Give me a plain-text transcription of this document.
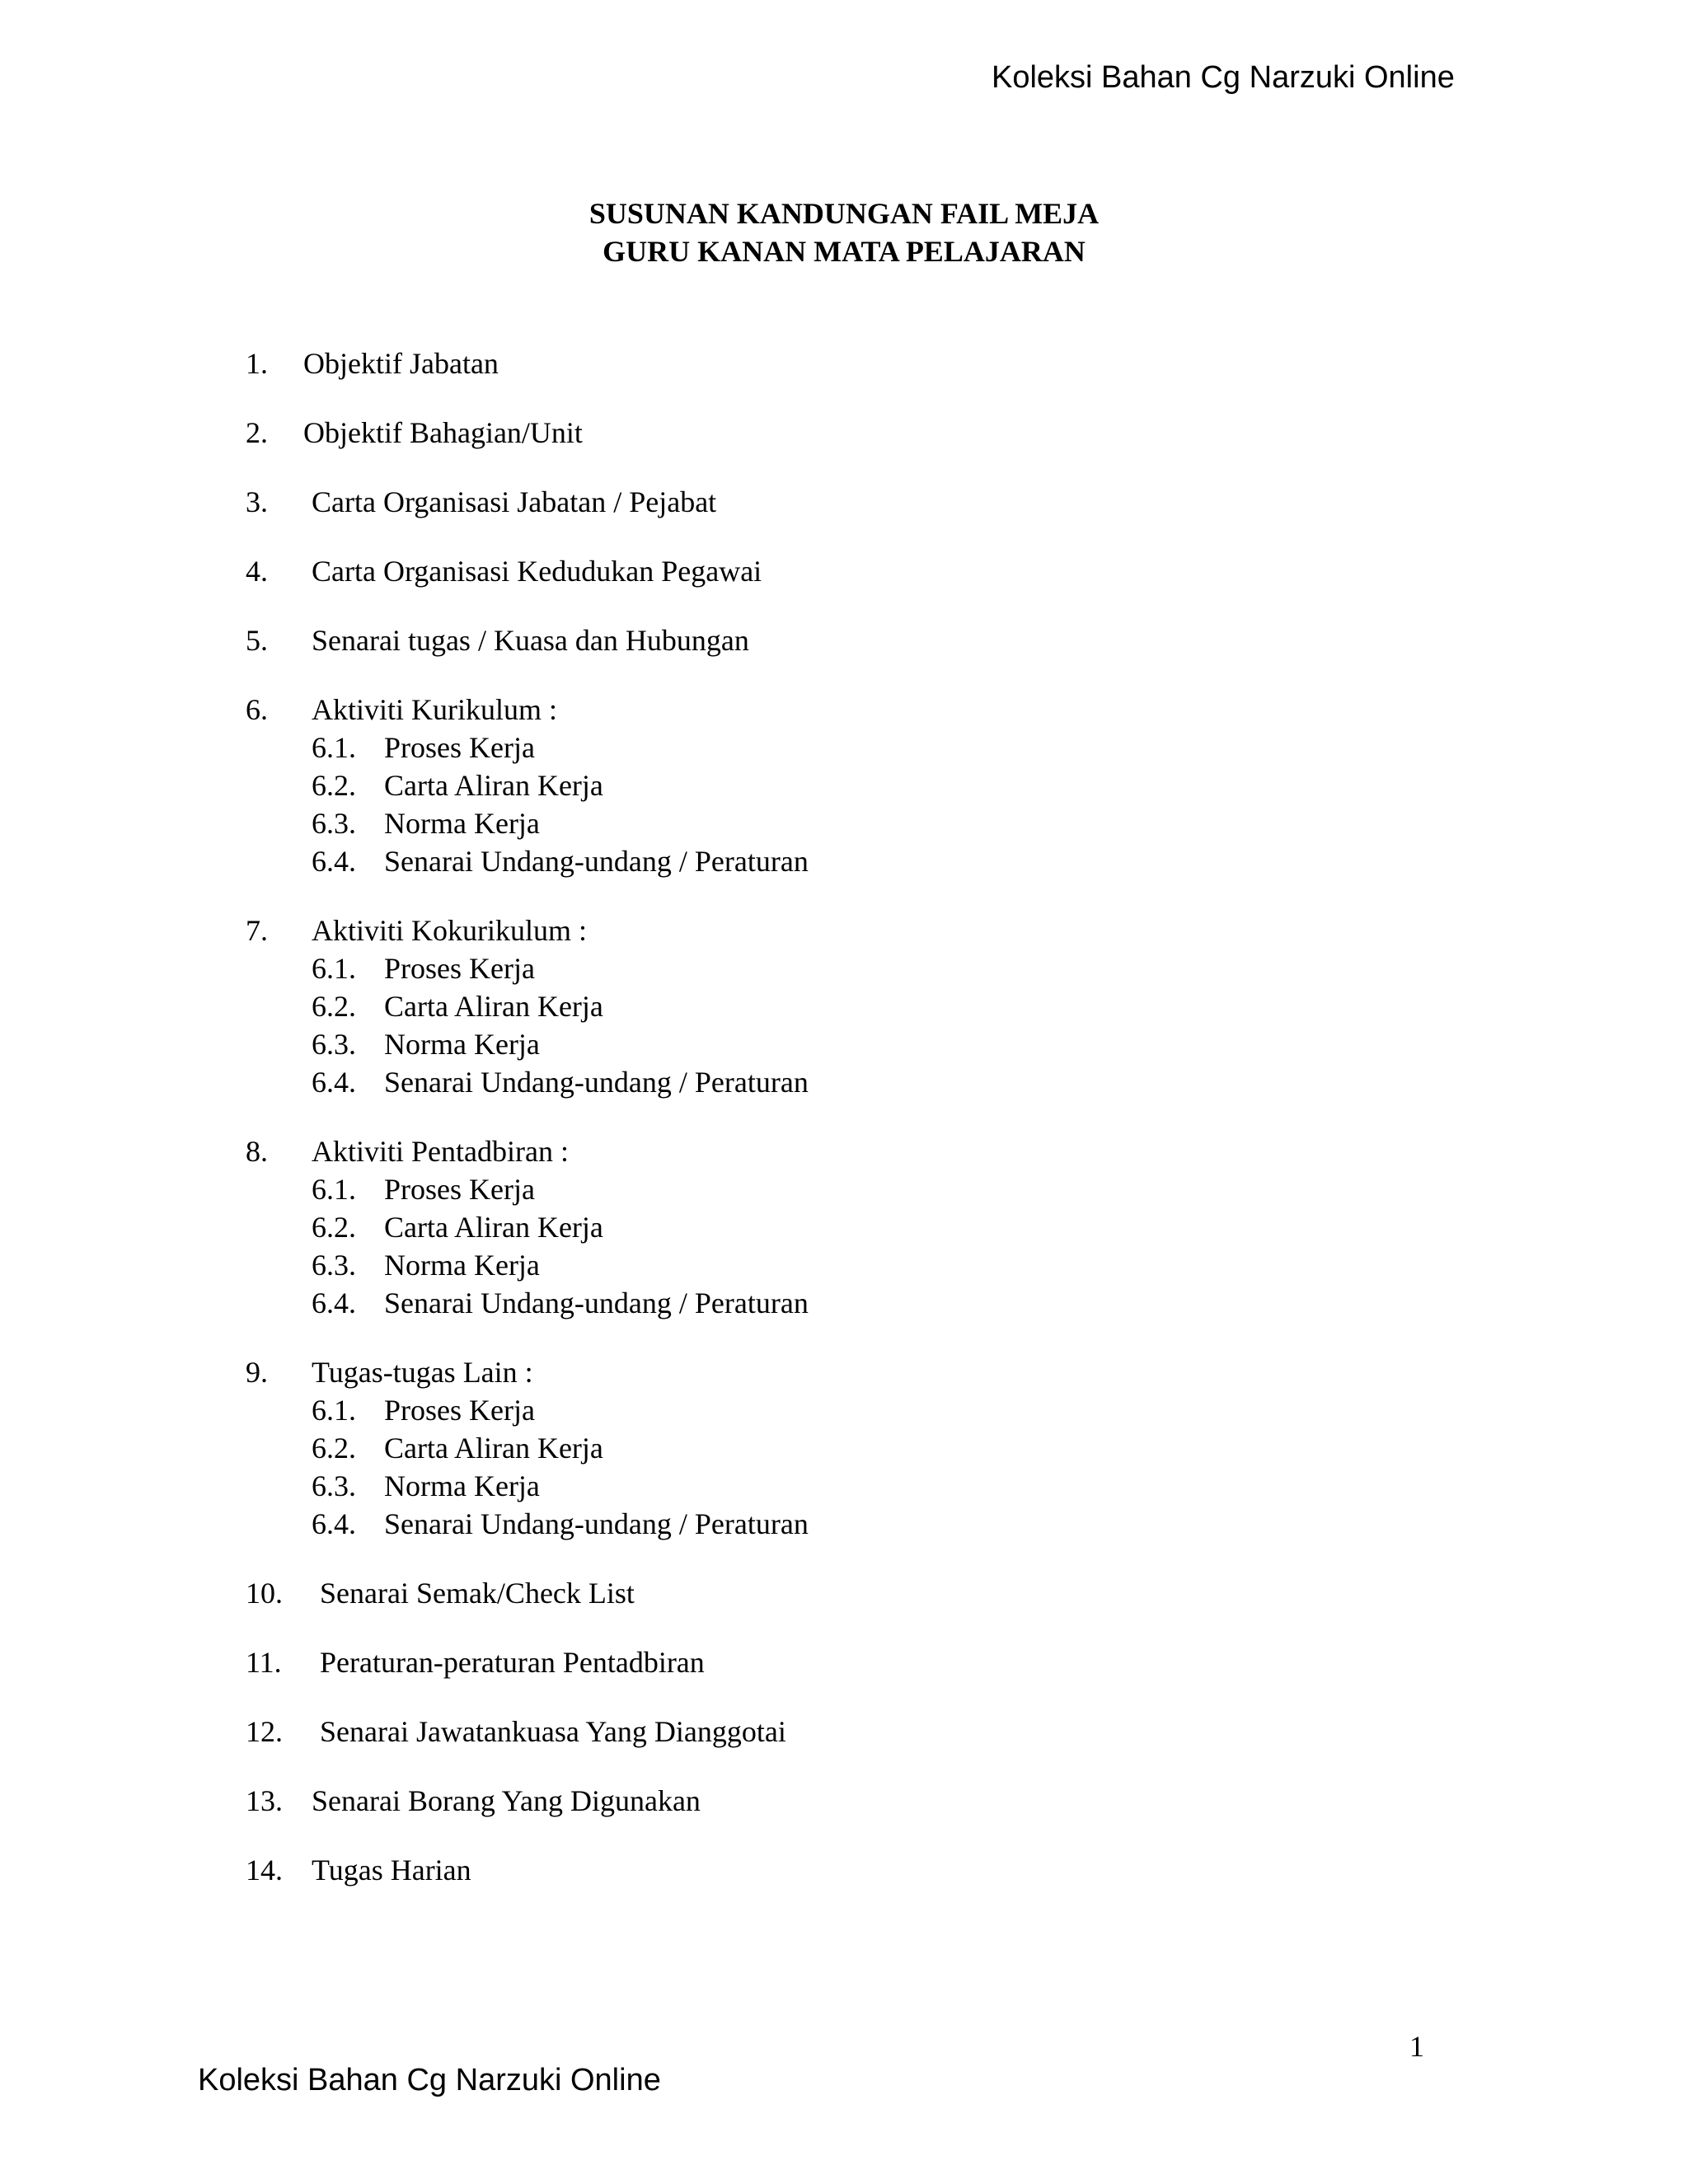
Koleksi Bahan Cg Narzuki Online
SUSUNAN KANDUNGAN FAIL MEJA
GURU KANAN MATA PELAJARAN
1.	Objektif Jabatan
2.	Objektif Bahagian/Unit
3.	Carta Organisasi Jabatan / Pejabat
4.	Carta Organisasi Kedudukan Pegawai
5.	Senarai tugas / Kuasa dan Hubungan
6.	Aktiviti Kurikulum :
6.1. Proses Kerja
6.2. Carta Aliran Kerja
6.3. Norma Kerja
6.4. Senarai Undang-undang / Peraturan
7.	Aktiviti Kokurikulum :
6.1. Proses Kerja
6.2. Carta Aliran Kerja
6.3. Norma Kerja
6.4. Senarai Undang-undang / Peraturan
8.	Aktiviti Pentadbiran :
6.1. Proses Kerja
6.2. Carta Aliran Kerja
6.3. Norma Kerja
6.4. Senarai Undang-undang / Peraturan
9.	Tugas-tugas Lain :
6.1. Proses Kerja
6.2. Carta Aliran Kerja
6.3. Norma Kerja
6.4. Senarai Undang-undang / Peraturan
10.	Senarai Semak/Check List
11.	Peraturan-peraturan Pentadbiran
12.	Senarai Jawatankuasa Yang Dianggotai
13. Senarai Borang Yang Digunakan
14. Tugas Harian
1
Koleksi Bahan Cg Narzuki Online
